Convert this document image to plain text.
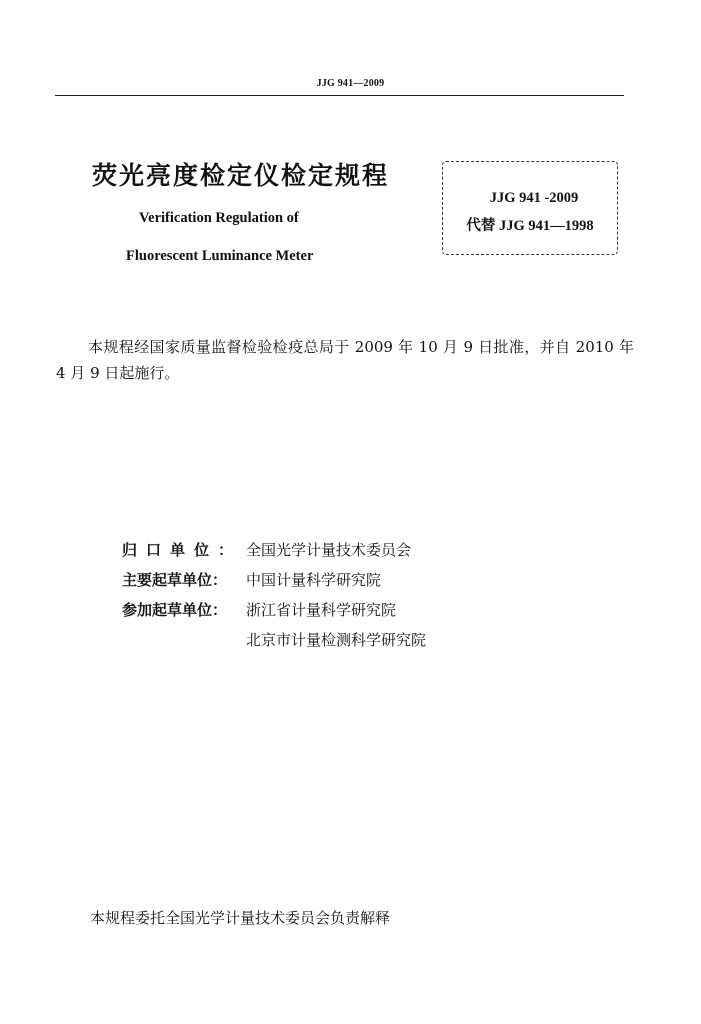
JJG 941—2009
荧光亮度检定仪检定规程
Verification Regulation of
Fluorescent Luminance Meter
JJG 941 -2009
代替 JJG 941—1998
本规程经国家质量监督检验检疫总局于 2009 年 10 月 9 日批准，并自 2010 年 4 月 9 日起施行。
归口单位：	全国光学计量技术委员会
主要起草单位：	中国计量科学研究院
参加起草单位：	浙江省计量科学研究院
	北京市计量检测科学研究院
本规程委托全国光学计量技术委员会负责解释
